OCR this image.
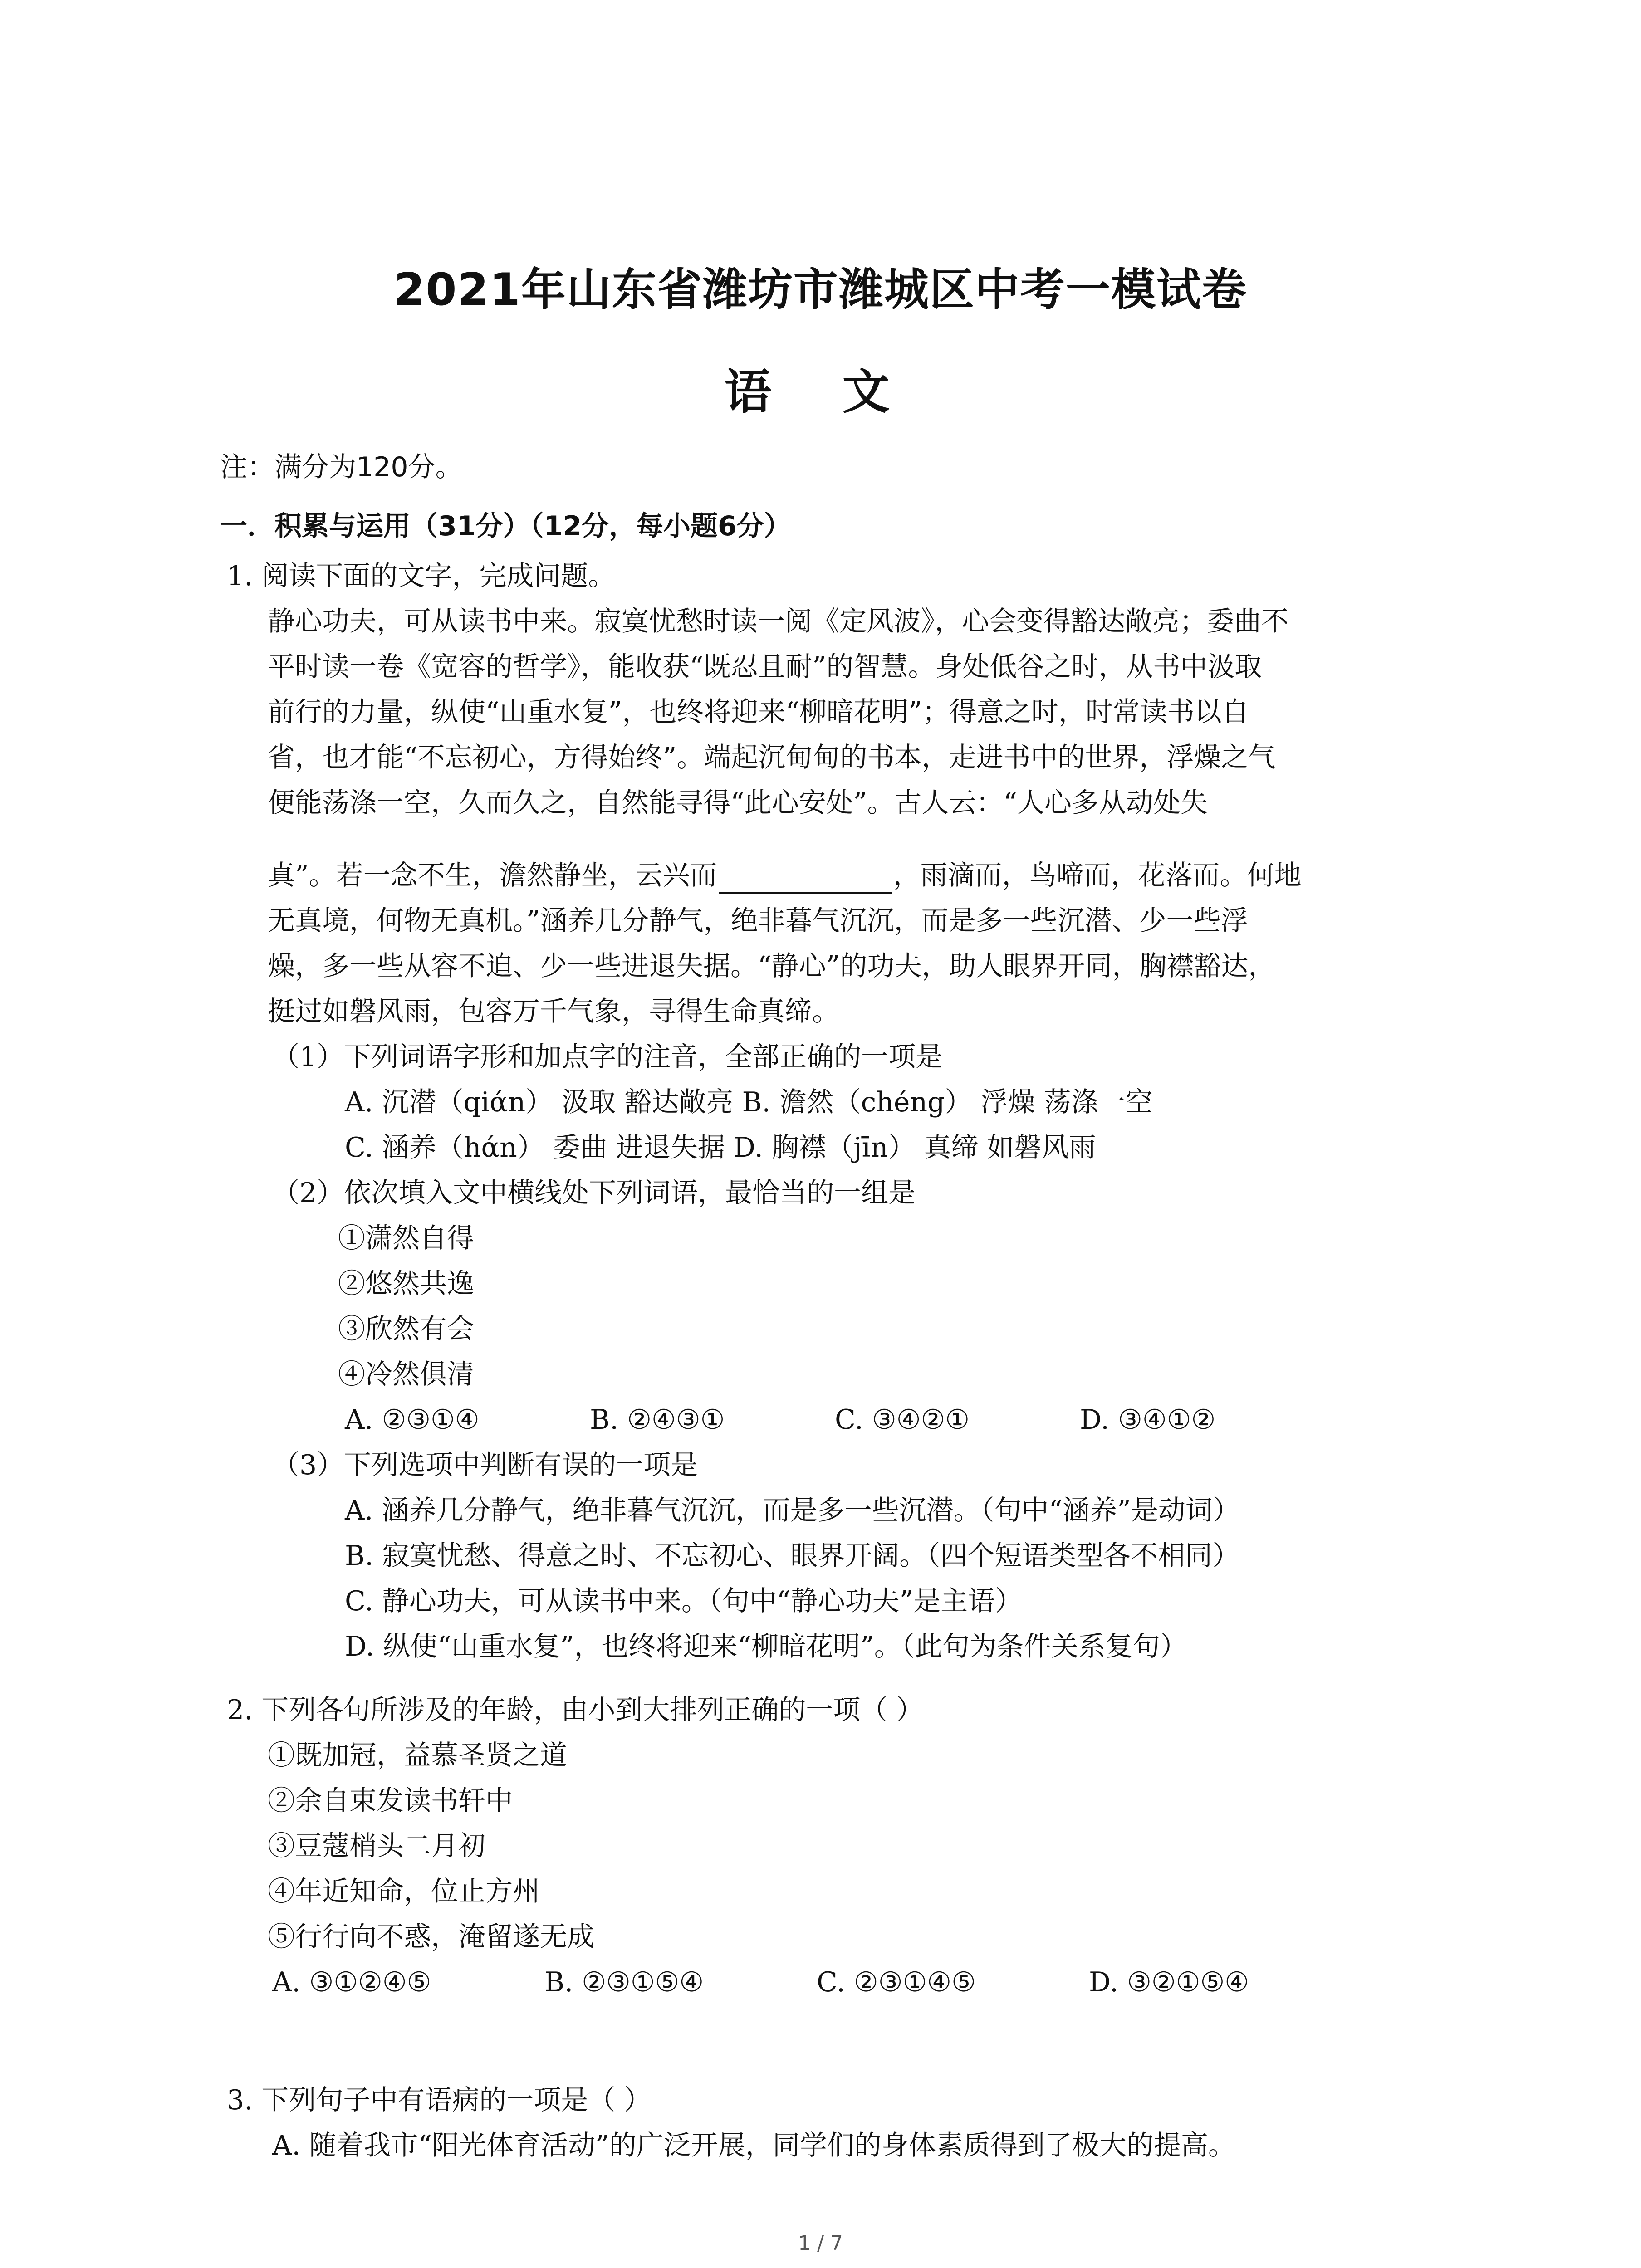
2021年山东省潍坊市潍城区中考一模试卷
语 文
注：满分为120分。
一．积累与运用（31分）（12分，每小题6分）
1. 阅读下面的文字，完成问题。
静心功夫，可从读书中来。寂寞忧愁时读一阅《定风波》，心会变得豁达敞亮；委曲不
平时读一卷《宽容的哲学》，能收获“既忍且耐”的智慧。身处低谷之时，从书中汲取
前行的力量，纵使“山重水复”，也终将迎来“柳暗花明”；得意之时，时常读书以自
省，也才能“不忘初心，方得始终”。端起沉甸甸的书本，走进书中的世界，浮燥之气
便能荡涤一空，久而久之，自然能寻得“此心安处”。古人云：“人心多从动处失
真”。若一念不生，澹然静坐，云兴而	，雨滴而，鸟啼而，花落而。何地
无真境，何物无真机。”涵养几分静气，绝非暮气沉沉，而是多一些沉潜、少一些浮
燥，多一些从容不迫、少一些进退失据。“静心”的功夫，助人眼界开同，胸襟豁达，
挺过如磐风雨，包容万千气象，寻得生命真缔。
（1）下列词语字形和加点字的注音，全部正确的一项是
A. 沉潜（qiάn） 汲取 豁达敞亮 B. 澹然（chéng） 浮燥 荡涤一空
C. 涵养（hάn） 委曲 进退失据 D. 胸襟（jīn） 真缔 如磐风雨
（2）依次填入文中横线处下列词语，最恰当的一组是
①潇然自得
②悠然共逸
③欣然有会
④冷然俱清
A. ②③①④	B. ②④③①	C. ③④②①	D. ③④①②
（3）下列选项中判断有误的一项是
A. 涵养几分静气，绝非暮气沉沉，而是多一些沉潜。（句中“涵养”是动词）
B. 寂寞忧愁、得意之时、不忘初心、眼界开阔。（四个短语类型各不相同）
C. 静心功夫，可从读书中来。（句中“静心功夫”是主语）
D. 纵使“山重水复”，也终将迎来“柳暗花明”。（此句为条件关系复句）
2. 下列各句所涉及的年龄，由小到大排列正确的一项（ ）
①既加冠，益慕圣贤之道
②余自束发读书轩中
③豆蔻梢头二月初
④年近知命，位止方州
⑤行行向不惑，淹留遂无成
A. ③①②④⑤	B. ②③①⑤④	C. ②③①④⑤	D. ③②①⑤④
3. 下列句子中有语病的一项是（ ）
A. 随着我市“阳光体育活动”的广泛开展，同学们的身体素质得到了极大的提高。
1 / 7
